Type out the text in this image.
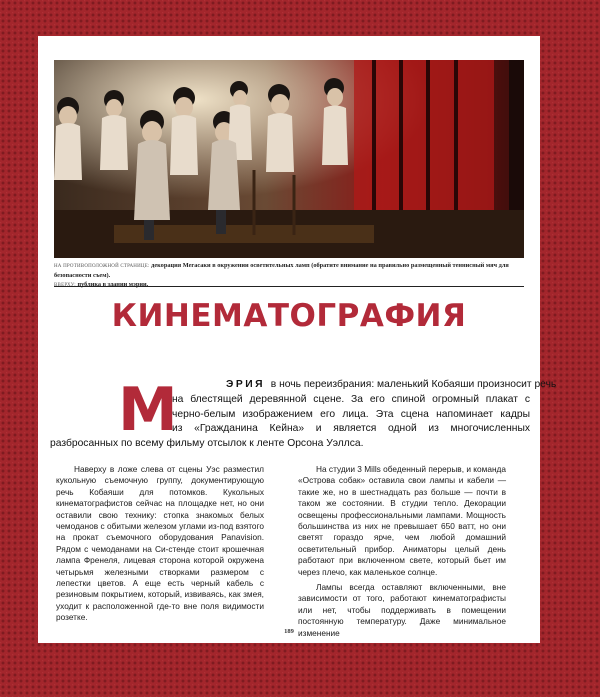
НА ПРОТИВОПОЛОЖНОЙ СТРАНИЦЕ: декорация Мегасаки в окружении осветительных ламп (обратите внимание на правильно размещенный теннисный мяч для безопасности съем).
ВВЕРХУ: публика в здании мэрии.
КИНЕМАТОГРАФИЯ
М	ЭРИЯ в ночь переизбрания: маленький Кобаяши произносит речь
на блестящей деревянной сцене. За его спиной огромный плакат с
черно-белым изображением его лица. Эта сцена напоминает кадры
из «Гражданина Кейна» и является одной из многочисленных
разбросанных по всему фильму отсылок к ленте Орсона Уэллса.

Наверху в ложе слева от сцены Уэс разместил кукольную съемочную группу, документирующую речь Кобаяши для потомков. Кукольных кинематографистов сейчас на площадке нет, но они оставили свою технику: стопка знакомых белых чемоданов с обитыми железом углами из-под взятого на прокат съемочного оборудования Panavision. Рядом с чемоданами на Си-стенде стоит крошечная лампа Френеля, лицевая сторона которой окружена четырьмя железными створками размером с лепестки цветов. А еще есть черный кабель с резиновым покрытием, который, извиваясь, как змея, уходит к расположенной где-то вне поля видимости розетке.

На студии 3 Mills обеденный перерыв, и команда «Острова собак» оставила свои лампы и кабели — такие же, но в шестнадцать раз больше — почти в таком же состоянии. В студии тепло. Декорации освещены профессиональными лампами. Мощность большинства из них не превышает 650 ватт, но они светят гораздо ярче, чем любой домашний осветительный прибор. Аниматоры целый день работают при включенном свете, который бьет им через плечо, как маленькое солнце.

Лампы всегда оставляют включенными, вне зависимости от того, работают кинематографисты или нет, чтобы поддерживать в помещении постоянную температуру. Даже минимальное изменение

189
